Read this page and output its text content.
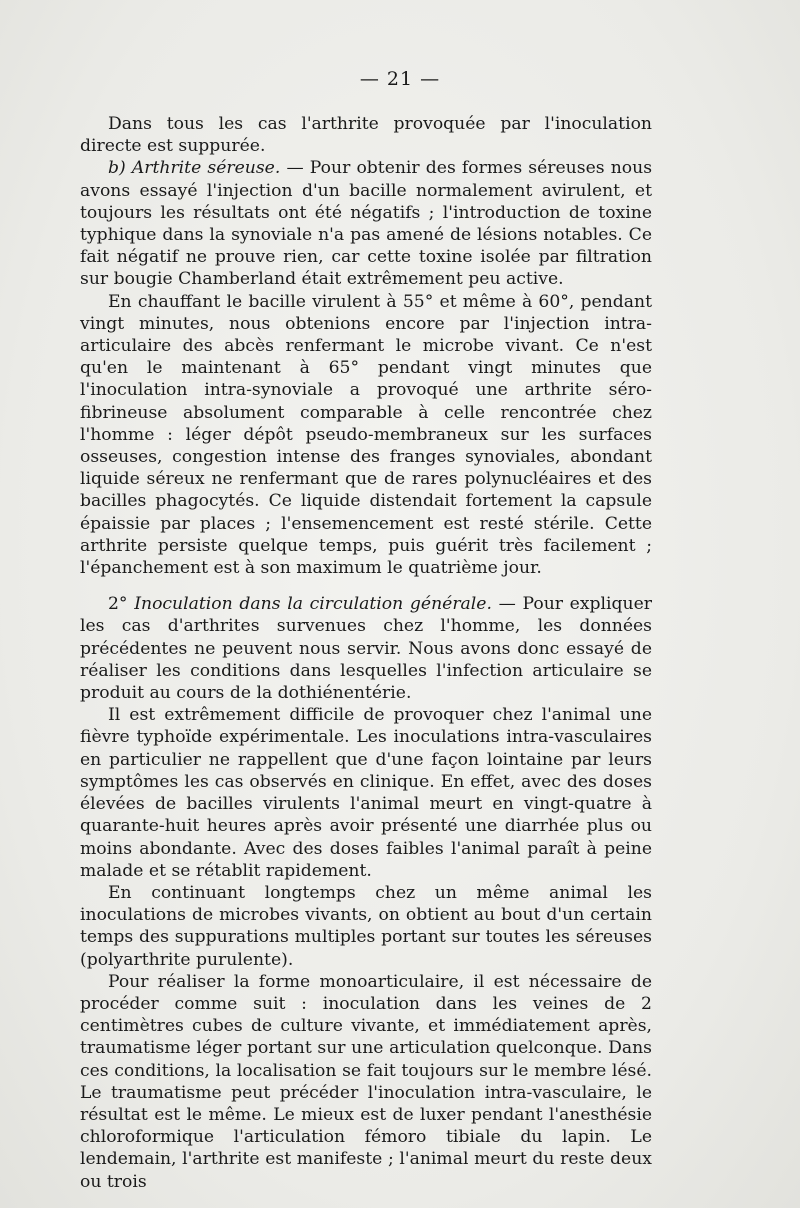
— 21 —

Dans tous les cas l'arthrite provoquée par l'inoculation directe est suppurée.

b) Arthrite séreuse. — Pour obtenir des formes séreuses nous avons essayé l'injection d'un bacille normalement avirulent, et toujours les résultats ont été négatifs ; l'introduction de toxine typhique dans la synoviale n'a pas amené de lésions notables. Ce fait négatif ne prouve rien, car cette toxine isolée par filtration sur bougie Chamberland était extrêmement peu active.

En chauffant le bacille virulent à 55° et même à 60°, pendant vingt minutes, nous obtenions encore par l'injection intra-articulaire des abcès renfermant le microbe vivant. Ce n'est qu'en le maintenant à 65° pendant vingt minutes que l'inoculation intra-synoviale a provoqué une arthrite séro-fibrineuse absolument comparable à celle rencontrée chez l'homme : léger dépôt pseudo-membraneux sur les surfaces osseuses, congestion intense des franges synoviales, abondant liquide séreux ne renfermant que de rares polynucléaires et des bacilles phagocytés. Ce liquide distendait fortement la capsule épaissie par places ; l'ensemencement est resté stérile. Cette arthrite persiste quelque temps, puis guérit très facilement ; l'épanchement est à son maximum le quatrième jour.

2° Inoculation dans la circulation générale. — Pour expliquer les cas d'arthrites survenues chez l'homme, les données précédentes ne peuvent nous servir. Nous avons donc essayé de réaliser les conditions dans lesquelles l'infection articulaire se produit au cours de la dothiénentérie.

Il est extrêmement difficile de provoquer chez l'animal une fièvre typhoïde expérimentale. Les inoculations intra-vasculaires en particulier ne rappellent que d'une façon lointaine par leurs symptômes les cas observés en clinique. En effet, avec des doses élevées de bacilles virulents l'animal meurt en vingt-quatre à quarante-huit heures après avoir présenté une diarrhée plus ou moins abondante. Avec des doses faibles l'animal paraît à peine malade et se rétablit rapidement.

En continuant longtemps chez un même animal les inoculations de microbes vivants, on obtient au bout d'un certain temps des suppurations multiples portant sur toutes les séreuses (polyarthrite purulente).

Pour réaliser la forme monoarticulaire, il est nécessaire de procéder comme suit : inoculation dans les veines de 2 centimètres cubes de culture vivante, et immédiatement après, traumatisme léger portant sur une articulation quelconque. Dans ces conditions, la localisation se fait toujours sur le membre lésé. Le traumatisme peut précéder l'inoculation intra-vasculaire, le résultat est le même. Le mieux est de luxer pendant l'anesthésie chloroformique l'articulation fémoro tibiale du lapin. Le lendemain, l'arthrite est manifeste ; l'animal meurt du reste deux ou trois
